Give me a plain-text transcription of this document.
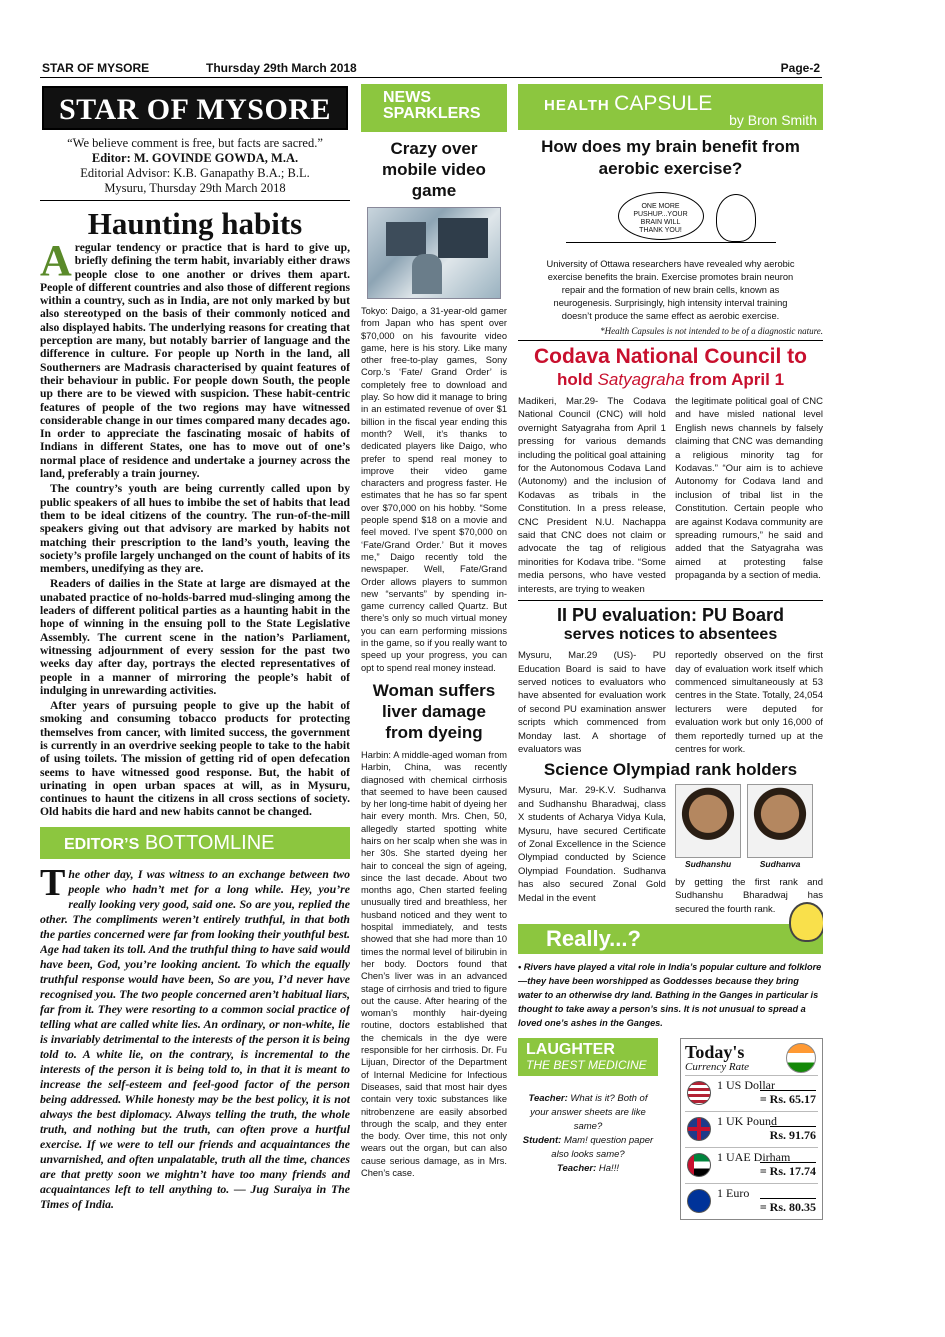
STAR OF MYSORE	Thursday 29th March 2018	Page-2
STAR OF MYSORE
“We believe comment is free, but facts are sacred.”
Editor: M. GOVINDE GOWDA, M.A.
Editorial Advisor: K.B. Ganapathy B.A.; B.L.
Mysuru, Thursday 29th March 2018
Haunting habits

Aregular tendency or practice that is hard to give up, briefly defining the term habit, invariably either draws people close to one another or drives them apart. People of different countries and also those of different regions within a country, such as in India, are not only marked by but also stereotyped on the basis of their commonly noticed and also displayed habits. The underlying reasons for creating that perception are many, but notably barrier of language and the difference in culture. For people up North in the land, all Southerners are Madrasis characterised by quaint features of their behaviour in public. For people down South, the people up there are to be viewed with suspicion. These habit-centric features of people of the two regions may have witnessed considerable change in our times compared many decades ago. In order to appreciate the fascinating mosaic of habits of Indians in different States, one has to move out of one’s normal place of residence and undertake a journey across the land, preferably a train journey.

The country’s youth are being currently called upon by public speakers of all hues to imbibe the set of habits that lead them to be ideal citizens of the country. The run-of-the-mill speakers giving out that advisory are marked by habits not matching their prescription to the land’s youth, leaving the society’s profile largely unchanged on the count of habits of its members, unedifying as they are.

Readers of dailies in the State at large are dismayed at the unabated practice of no-holds-barred mud-slinging among the leaders of different political parties as a haunting habit in the hope of winning in the ensuing poll to the State Legislative Assembly. The current scene in the nation’s Parliament, witnessing adjournment of every session for the past two weeks day after day, portrays the elected representatives of people in a manner of mirroring the people’s habit of indulging in unrewarding activities.

After years of pursuing people to give up the habit of smoking and consuming tobacco products for protecting themselves from cancer, with limited success, the government is currently in an overdrive seeking people to take to the habit of using toilets. The mission of getting rid of open defecation seems to have witnessed good response. But, the habit of urinating in open urban spaces at will, as in Mysuru, continues to haunt the citizens in all cross sections of society. Old habits die hard and new habits cannot be changed.

EDITOR’S BOTTOMLINE
The other day, I was witness to an exchange between two people who hadn’t met for a long while. Hey, you’re really looking very good, said one. So are you, replied the other. The compliments weren’t entirely truthful, in that both the parties concerned were far from looking their youthful best. Age had taken its toll. And the truthful thing to have said would have been, God, you’re looking ancient. To which the equally truthful response would have been, So are you, I’d never have recognised you. The two people concerned aren’t habitual liars, far from it. They were resorting to a common social practice of telling what are called white lies. An ordinary, or non-white, lie is invariably detrimental to the interests of the person it is being told to. A white lie, on the contrary, is incremental to the interests of the person it is being told to, in that it is meant to increase the self-esteem and feel-good factor of the person being addressed. While honesty may be the best policy, it is not always the best diplomacy. Always telling the truth, the whole truth, and nothing but the truth, can often prove a hurtful exercise. If we were to tell our friends and acquaintances the unvarnished, and often unpalatable, truth all the time, chances are that pretty soon we mightn’t have too many friends and acquaintances left to tell anything to. — Jug Suraiya in The Times of India.
NEWS
SPARKLERS
Crazy over mobile video game
Tokyo: Daigo, a 31-year-old gamer from Japan who has spent over $70,000 on his favourite video game, here is his story. Like many other free-to-play games, Sony Corp.’s ‘Fate/ Grand Order’ is completely free to download and play. So how did it manage to bring in an estimated revenue of over $1 billion in the fiscal year ending this month? Well, it’s thanks to dedicated players like Daigo, who prefer to spend real money to improve their video game characters and progress faster. He estimates that he has so far spent over $70,000 on his hobby. “Some people spend $18 on a movie and feel moved. I’ve spent $70,000 on ‘Fate/Grand Order.’ But it moves me,” Daigo recently told the newspaper. Well, Fate/Grand Order allows players to summon new “servants” by spending in-game currency called Quartz. But there’s only so much virtual money you can earn performing missions in the game, so if you really want to speed up your progress, you can opt to spend real money instead.
Woman suffers liver damage from dyeing
Harbin: A middle-aged woman from Harbin, China, was recently diagnosed with chemical cirrhosis that seemed to have been caused by her long-time habit of dyeing her hair every month. Mrs. Chen, 50, allegedly started spotting white hairs on her scalp when she was in her 30s. She started dyeing her hair to conceal the sign of ageing, since the last decade. About two months ago, Chen started feeling unusually tired and breathless, her husband noticed and they went to hospital immediately, and tests showed that she had more than 10 times the normal level of bilirubin in her body. Doctors found that Chen’s liver was in an advanced stage of cirrhosis and tried to figure out the cause. After hearing of the woman’s monthly hair-dyeing routine, doctors established that the chemicals in the dye were responsible for her cirrhosis. Dr. Fu Lijuan, Director of the Department of Internal Medicine for Infectious Diseases, said that most hair dyes contain very toxic substances like nitrobenzene are easily absorbed through the scalp, and they enter the body. Over time, this not only wears out the organ, but can also cause serious damage, as in Mrs. Chen’s case.
HEALTH CAPSULE
by Bron Smith
How does my brain benefit from aerobic exercise?
ONE MORE PUSHUP...YOUR BRAIN WILL THANK YOU!
University of Ottawa researchers have revealed why aerobic exercise benefits the brain. Exercise promotes brain neuron repair and the formation of new brain cells, known as neurogenesis. Surprisingly, high intensity interval training doesn’t produce the same effect as aerobic exercise.
*Health Capsules is not intended to be of a diagnostic nature.
Codava National Council to
hold Satyagraha from April 1
Madikeri, Mar.29- The Codava National Council (CNC) will hold overnight Satyagraha from April 1 pressing for various demands including the political goal attaining for the Autonomous Codava Land (Autonomy) and the inclusion of Kodavas as tribals in the Constitution. In a press release, CNC President N.U. Nachappa said that CNC does not claim or advocate the tag of religious minorities for Kodava tribe. “Some media persons, who have vested interests, are trying to weaken
the legitimate political goal of CNC and have misled national level English news channels by falsely claiming that CNC was demanding a religious minority tag for Kodavas.” “Our aim is to achieve Autonomy for Codava land and inclusion of tribal list in the Constitution. Certain people who are against Kodava community are spreading rumours,” he said and added that the Satyagraha was aimed at protesting false propaganda by a section of media.
II PU evaluation: PU Board
serves notices to absentees
Mysuru, Mar.29 (US)- PU Education Board is said to have served notices to evaluators who have absented for evaluation work of second PU examination answer scripts which commenced from Monday last. A shortage of evaluators was
reportedly observed on the first day of evaluation work itself which commenced simultaneously at 53 centres in the State. Totally, 24,054 lecturers were deputed for evaluation work but only 16,000 of them reportedly turned up at the centres for work.
Science Olympiad rank holders
Mysuru, Mar. 29-K.V. Sudhanva and Sudhanshu Bharadwaj, class X students of Acharya Vidya Kula, Mysuru, have secured Certificate of Zonal Excellence in the Science Olympiad conducted by Science Olympiad Foundation. Sudhanva has also secured Zonal Gold Medal in the event
Sudhanshu	Sudhanva
by getting the first rank and Sudhanshu Bharadwaj has secured the fourth rank.
Really...?
• Rivers have played a vital role in India’s popular culture and folklore—they have been worshipped as Goddesses because they bring water to an otherwise dry land. Bathing in the Ganges in particular is thought to take away a person’s sins. It is not unusual to spread a loved one’s ashes in the Ganges.
LAUGHTER
THE BEST MEDICINE
Teacher: What is it? Both of your answer sheets are like same?
Student: Mam! question paper also looks same?
Teacher: Ha!!!
Today's
Currency Rate
1 US Dollar
= Rs. 65.17
1 UK Pound
Rs. 91.76
1 UAE Dirham
= Rs. 17.74
1 Euro
= Rs. 80.35
